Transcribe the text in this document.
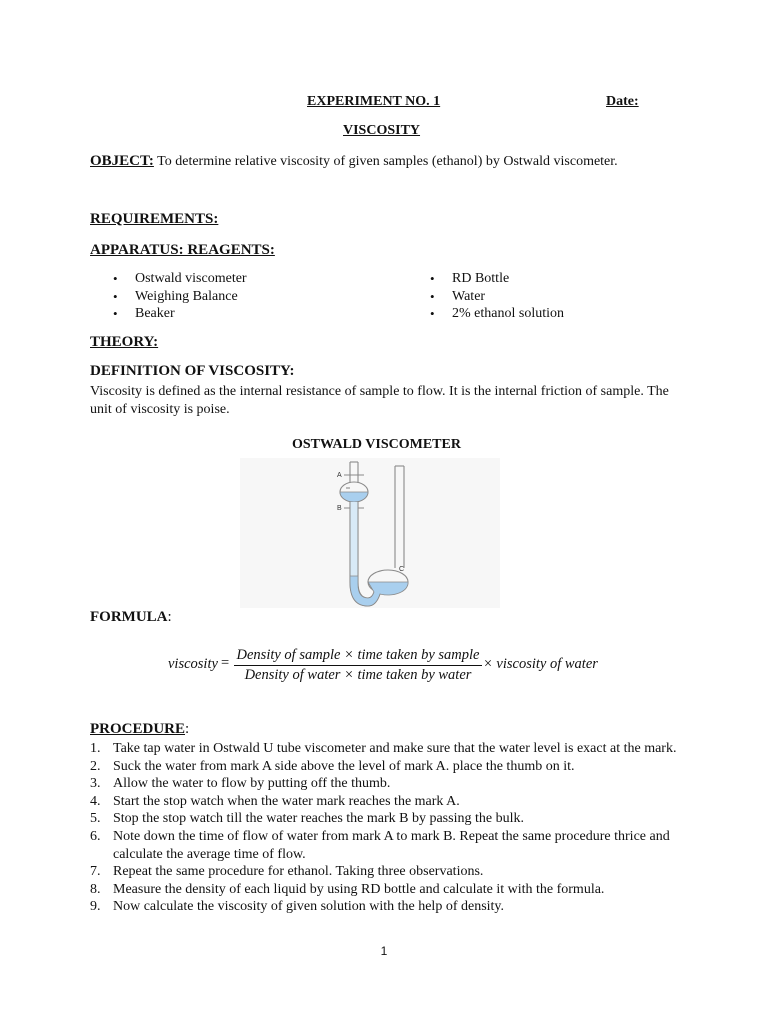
EXPERIMENT NO. 1	Date:
VISCOSITY
OBJECT: To determine relative viscosity of given samples (ethanol) by Ostwald viscometer.
REQUIREMENTS:
APPARATUS: REAGENTS:
• Ostwald viscometer
• Weighing Balance
• Beaker
• RD Bottle
• Water
• 2% ethanol solution
THEORY:
DEFINITION OF VISCOSITY:
Viscosity is defined as the internal resistance of sample to flow. It is the internal friction of sample. The unit of viscosity is poise.
OSTWALD VISCOMETER
A
B
C
FORMULA:
viscosity = Density of sample × time taken by sample
Density of water × time taken by water
× viscosity of water
PROCEDURE:
1. Take tap water in Ostwald U tube viscometer and make sure that the water level is exact at the mark.
2. Suck the water from mark A side above the level of mark A. place the thumb on it.
3. Allow the water to flow by putting off the thumb.
4. Start the stop watch when the water mark reaches the mark A.
5. Stop the stop watch till the water reaches the mark B by passing the bulk.
6. Note down the time of flow of water from mark A to mark B. Repeat the same procedure thrice and calculate the average time of flow.
7. Repeat the same procedure for ethanol. Taking three observations.
8. Measure the density of each liquid by using RD bottle and calculate it with the formula.
9. Now calculate the viscosity of given solution with the help of density.
1
